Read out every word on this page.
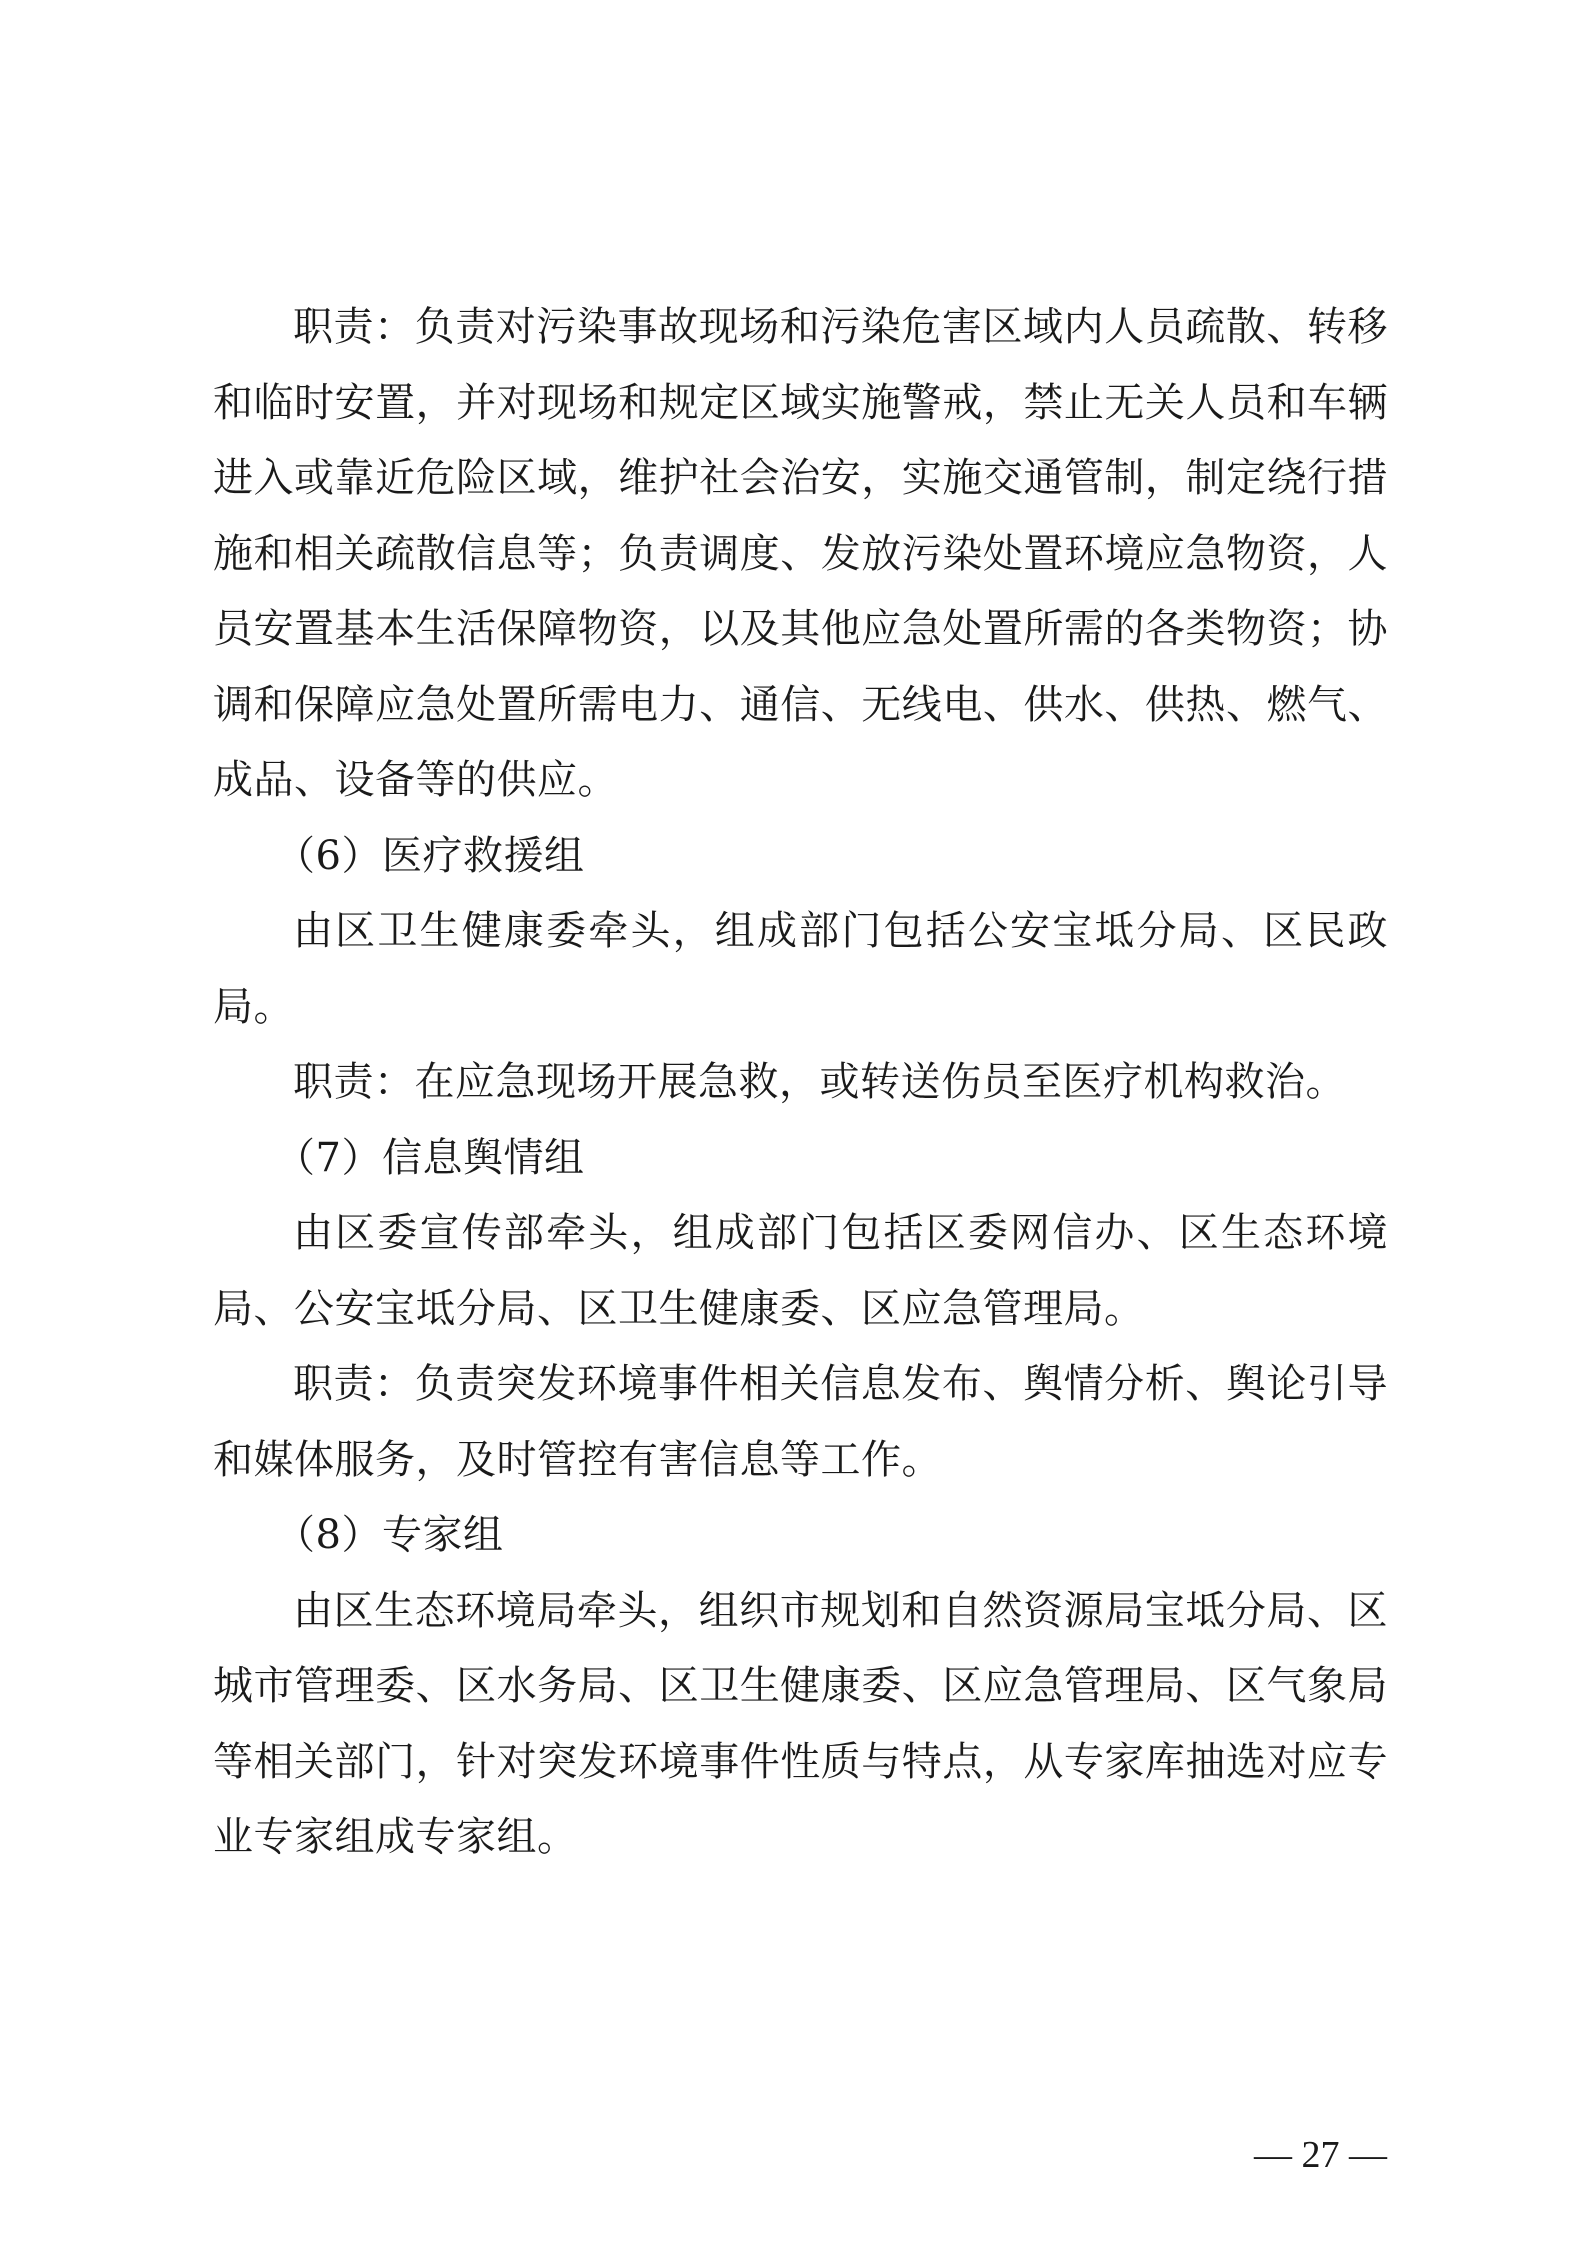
职责：负责对污染事故现场和污染危害区域内人员疏散、转移和临时安置，并对现场和规定区域实施警戒，禁止无关人员和车辆进入或靠近危险区域，维护社会治安，实施交通管制，制定绕行措施和相关疏散信息等；负责调度、发放污染处置环境应急物资，人员安置基本生活保障物资，以及其他应急处置所需的各类物资；协调和保障应急处置所需电力、通信、无线电、供水、供热、燃气、成品、设备等的供应。

（6）医疗救援组

由区卫生健康委牵头，组成部门包括公安宝坻分局、区民政局。

职责：在应急现场开展急救，或转送伤员至医疗机构救治。

（7）信息舆情组

由区委宣传部牵头，组成部门包括区委网信办、区生态环境局、公安宝坻分局、区卫生健康委、区应急管理局。

职责：负责突发环境事件相关信息发布、舆情分析、舆论引导和媒体服务，及时管控有害信息等工作。

（8）专家组

由区生态环境局牵头，组织市规划和自然资源局宝坻分局、区城市管理委、区水务局、区卫生健康委、区应急管理局、区气象局等相关部门，针对突发环境事件性质与特点，从专家库抽选对应专业专家组成专家组。

— 27 —
